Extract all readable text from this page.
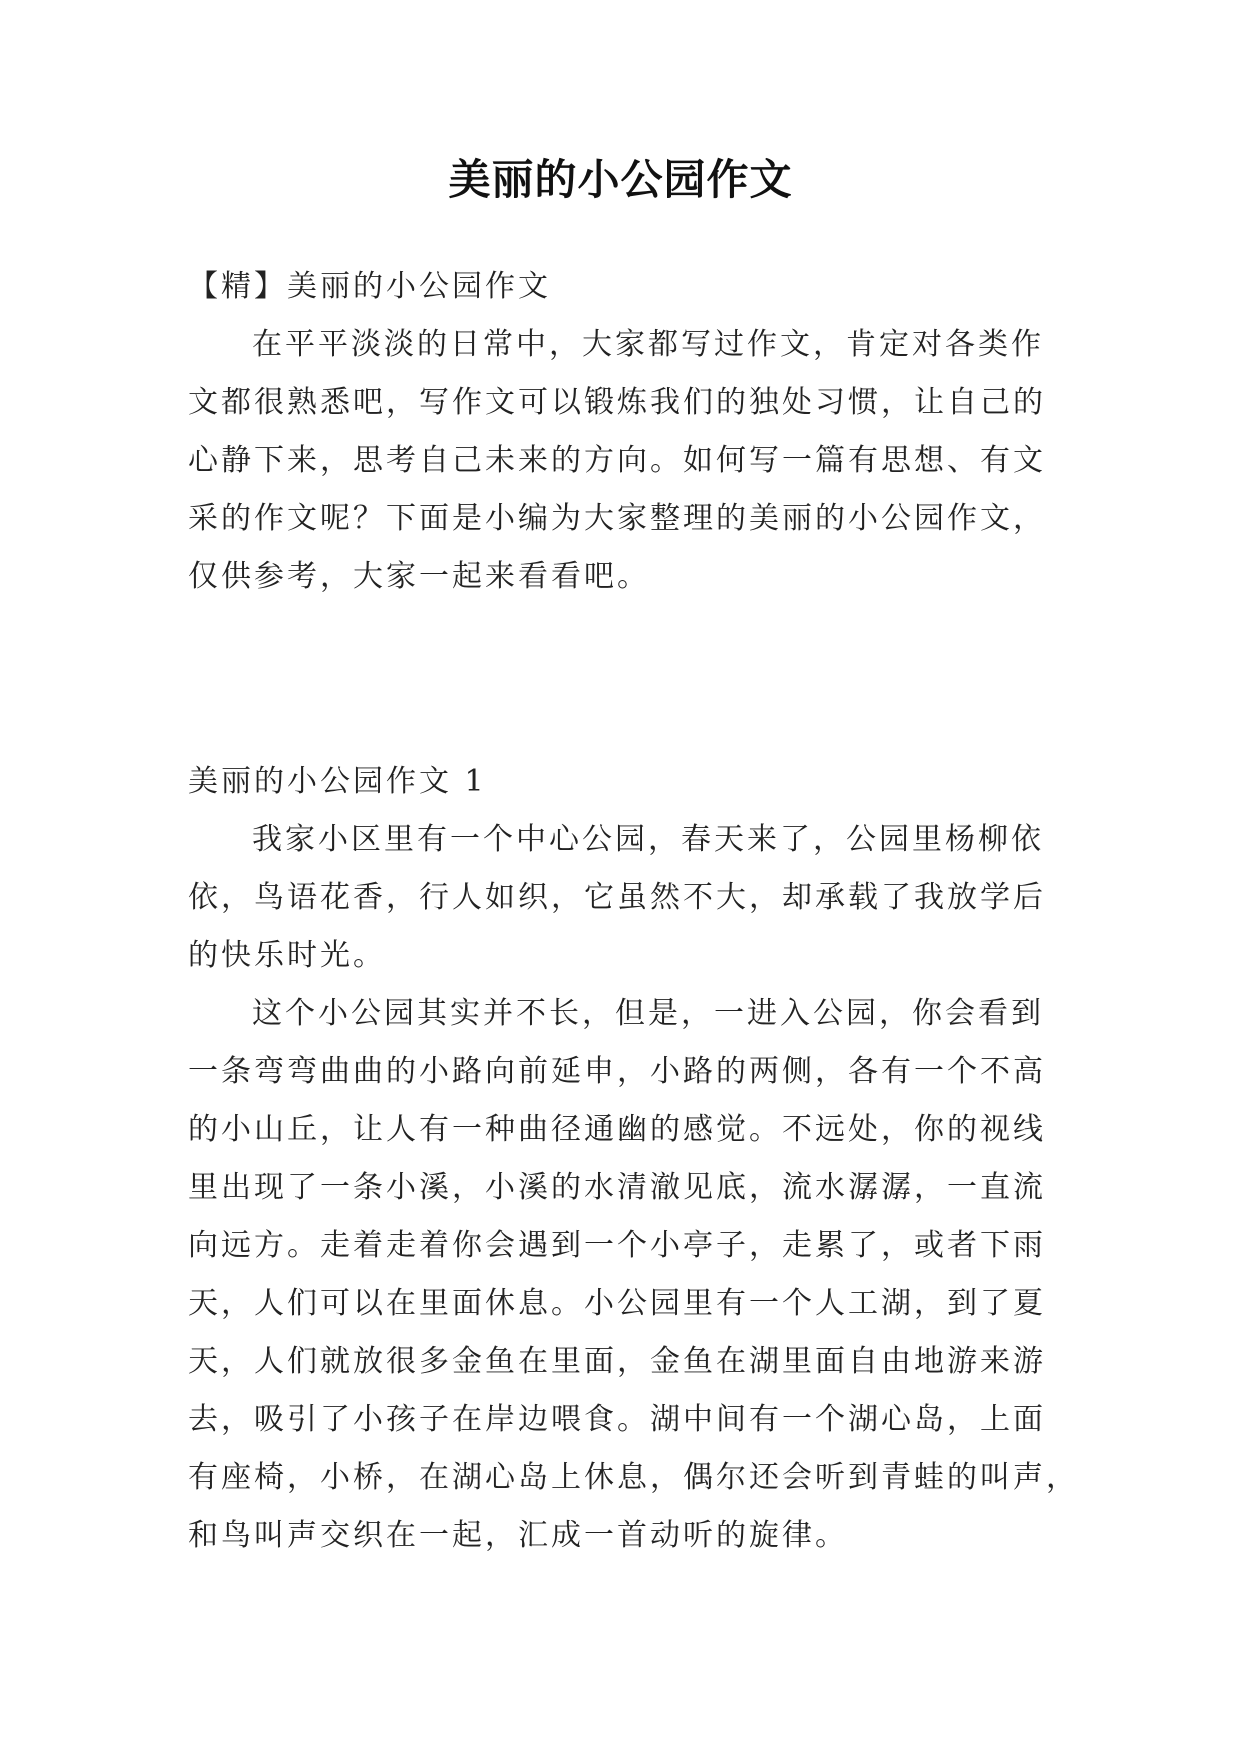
美丽的小公园作文
【精】美丽的小公园作文
在平平淡淡的日常中，大家都写过作文，肯定对各类作
文都很熟悉吧，写作文可以锻炼我们的独处习惯，让自己的
心静下来，思考自己未来的方向。如何写一篇有思想、有文
采的作文呢？下面是小编为大家整理的美丽的小公园作文，
仅供参考，大家一起来看看吧。
美丽的小公园作文 1
我家小区里有一个中心公园，春天来了，公园里杨柳依
依，鸟语花香，行人如织，它虽然不大，却承载了我放学后
的快乐时光。
这个小公园其实并不长，但是，一进入公园，你会看到
一条弯弯曲曲的小路向前延申，小路的两侧，各有一个不高
的小山丘，让人有一种曲径通幽的感觉。不远处，你的视线
里出现了一条小溪，小溪的水清澈见底，流水潺潺，一直流
向远方。走着走着你会遇到一个小亭子，走累了，或者下雨
天，人们可以在里面休息。小公园里有一个人工湖，到了夏
天，人们就放很多金鱼在里面，金鱼在湖里面自由地游来游
去，吸引了小孩子在岸边喂食。湖中间有一个湖心岛，上面
有座椅，小桥，在湖心岛上休息，偶尔还会听到青蛙的叫声，
和鸟叫声交织在一起，汇成一首动听的旋律。
